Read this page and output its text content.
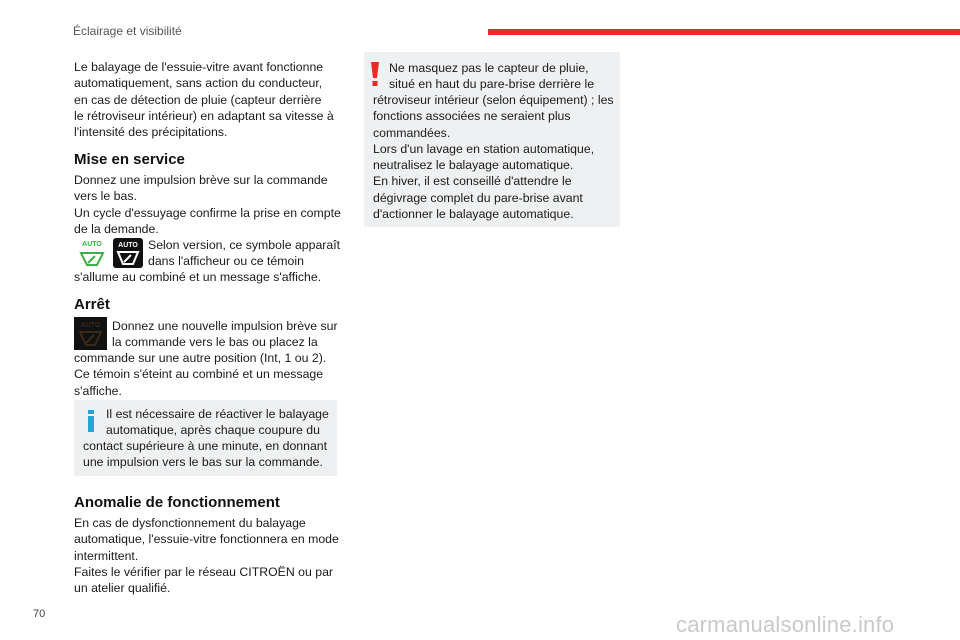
Éclairage et visibilité

Le balayage de l'essuie-vitre avant fonctionne

automatiquement, sans action du conducteur,

en cas de détection de pluie (capteur derrière

le rétroviseur intérieur) en adaptant sa vitesse à

l'intensité des précipitations.

Mise en service

Donnez une impulsion brève sur la commande

vers le bas.

Un cycle d'essuyage confirme la prise en compte

de la demande.

AUTO AUTO Selon version, ce symbole apparaît

dans l'afficheur ou ce témoin

s'allume au combiné et un message s'affiche.

Arrêt
AUTO Donnez une nouvelle impulsion brève sur

la commande vers le bas ou placez la

commande sur une autre position (Int, 1 ou 2).

Ce témoin s'éteint au combiné et un message

s'affiche.

Il est nécessaire de réactiver le balayage

automatique, après chaque coupure du

contact supérieure à une minute, en donnant

une impulsion vers le bas sur la commande.

Anomalie de fonctionnement

En cas de dysfonctionnement du balayage

automatique, l'essuie-vitre fonctionnera en mode

intermittent.

Faites le vérifier par le réseau CITROËN ou par

un atelier qualifié.

Ne masquez pas le capteur de pluie,

situé en haut du pare-brise derrière le

rétroviseur intérieur (selon équipement) ; les

fonctions associées ne seraient plus

commandées.

Lors d'un lavage en station automatique,

neutralisez le balayage automatique.

En hiver, il est conseillé d'attendre le

dégivrage complet du pare-brise avant

d'actionner le balayage automatique.

70	carmanualsonline.info
